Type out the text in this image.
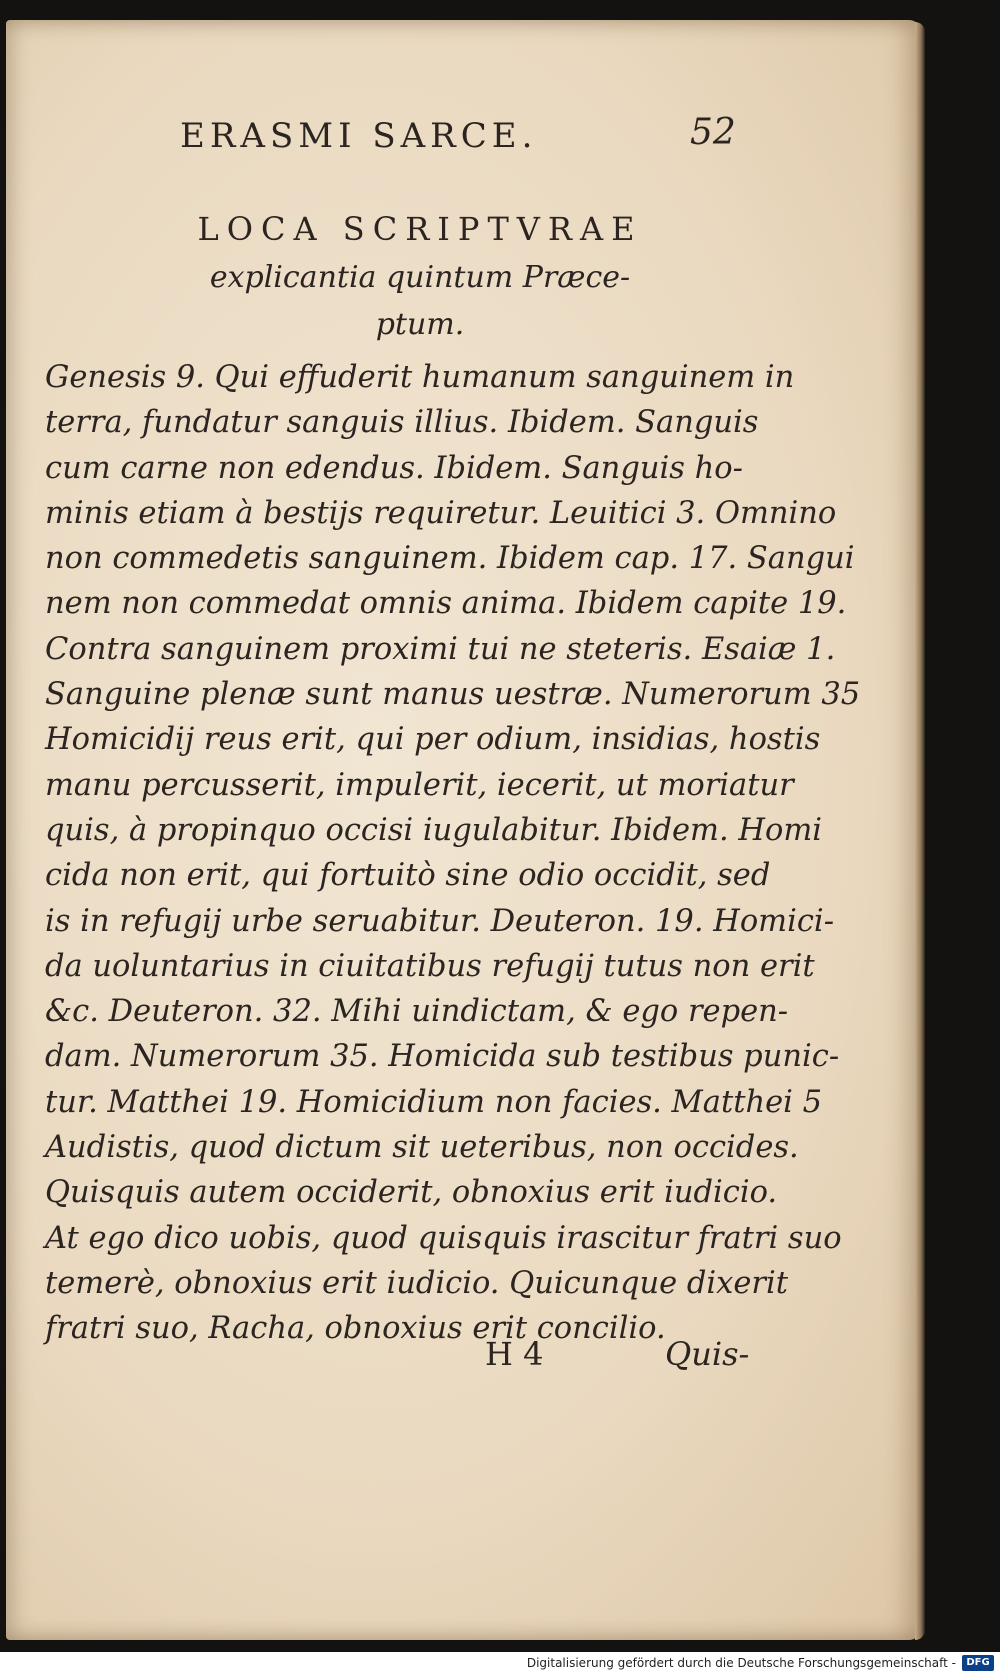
ERASMI SARCE.	52
LOCA SCRIPTVRAE
explicantia quintum Præce-
ptum.
Genesis 9. Qui effuderit humanum sanguinem in
terra, fundatur sanguis illius. Ibidem. Sanguis
cum carne non edendus. Ibidem. Sanguis ho-
minis etiam à bestijs requiretur. Leuitici 3. Omnino
non commedetis sanguinem. Ibidem cap. 17. Sangui
nem non commedat omnis anima. Ibidem capite 19.
Contra sanguinem proximi tui ne steteris. Esaiæ 1.
Sanguine plenæ sunt manus uestræ. Numerorum 35
Homicidij reus erit, qui per odium, insidias, hostis
manu percusserit, impulerit, iecerit, ut moriatur
quis, à propinquo occisi iugulabitur. Ibidem. Homi
cida non erit, qui fortuitò sine odio occidit, sed
is in refugij urbe seruabitur. Deuteron. 19. Homici-
da uoluntarius in ciuitatibus refugij tutus non erit
&c. Deuteron. 32. Mihi uindictam, & ego repen-
dam. Numerorum 35. Homicida sub testibus punic-
tur. Matthei 19. Homicidium non facies. Matthei 5
Audistis, quod dictum sit ueteribus, non occides.
Quisquis autem occiderit, obnoxius erit iudicio.
At ego dico uobis, quod quisquis irascitur fratri suo
temerè, obnoxius erit iudicio. Quicunque dixerit
fratri suo, Racha, obnoxius erit concilio.
H 4	Quis-
Digitalisierung gefördert durch die Deutsche Forschungsgemeinschaft -	DFG
